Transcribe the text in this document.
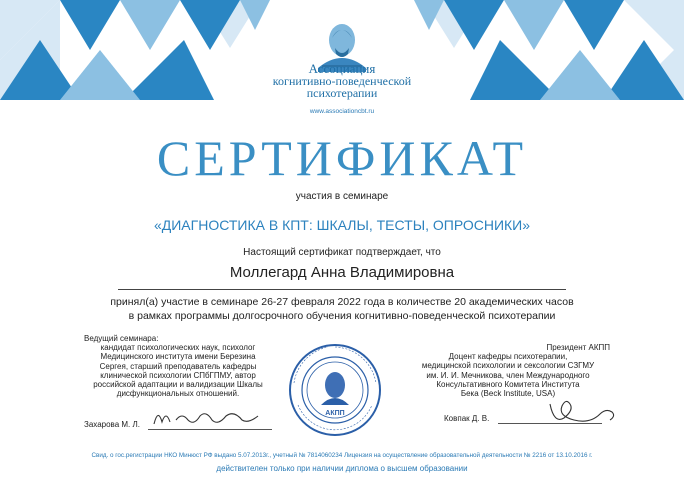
Ассоциация
когнитивно-поведенческой
психотерапии
www.associationcbt.ru
СЕРТИФИКАТ
участия в семинаре
«ДИАГНОСТИКА В КПТ: ШКАЛЫ, ТЕСТЫ, ОПРОСНИКИ»
Настоящий сертификат подтверждает, что
Моллегард Анна Владимировна
принял(а) участие в семинаре 26-27 февраля 2022 года в количестве 20 академических часов
в рамках программы долгосрочного обучения когнитивно-поведенческой психотерапии
Ведущий семинара:
кандидат психологических наук, психолог
Медицинского института имени Березина
Сергея, старший преподаватель кафедры
клинической психологии СПбГПМУ, автор
российской адаптации и валидизации Шкалы
дисфункциональных отношений.
Захарова М. Л.
АКПП
Президент АКПП
Доцент кафедры психотерапии,
медицинской психологии и сексологии СЗГМУ
им. И. И. Мечникова, член Международного
Консультативного Комитета Института
Бека (Beck Institute, USA)
Ковпак Д. В.
Свид. о гос.регистрации НКО Минюст РФ выдано 5.07.2013г., учетный № 7814060234 Лицензия на осуществление образовательной деятельности № 2216 от 13.10.2016 г.
действителен только при наличии диплома о высшем образовании
